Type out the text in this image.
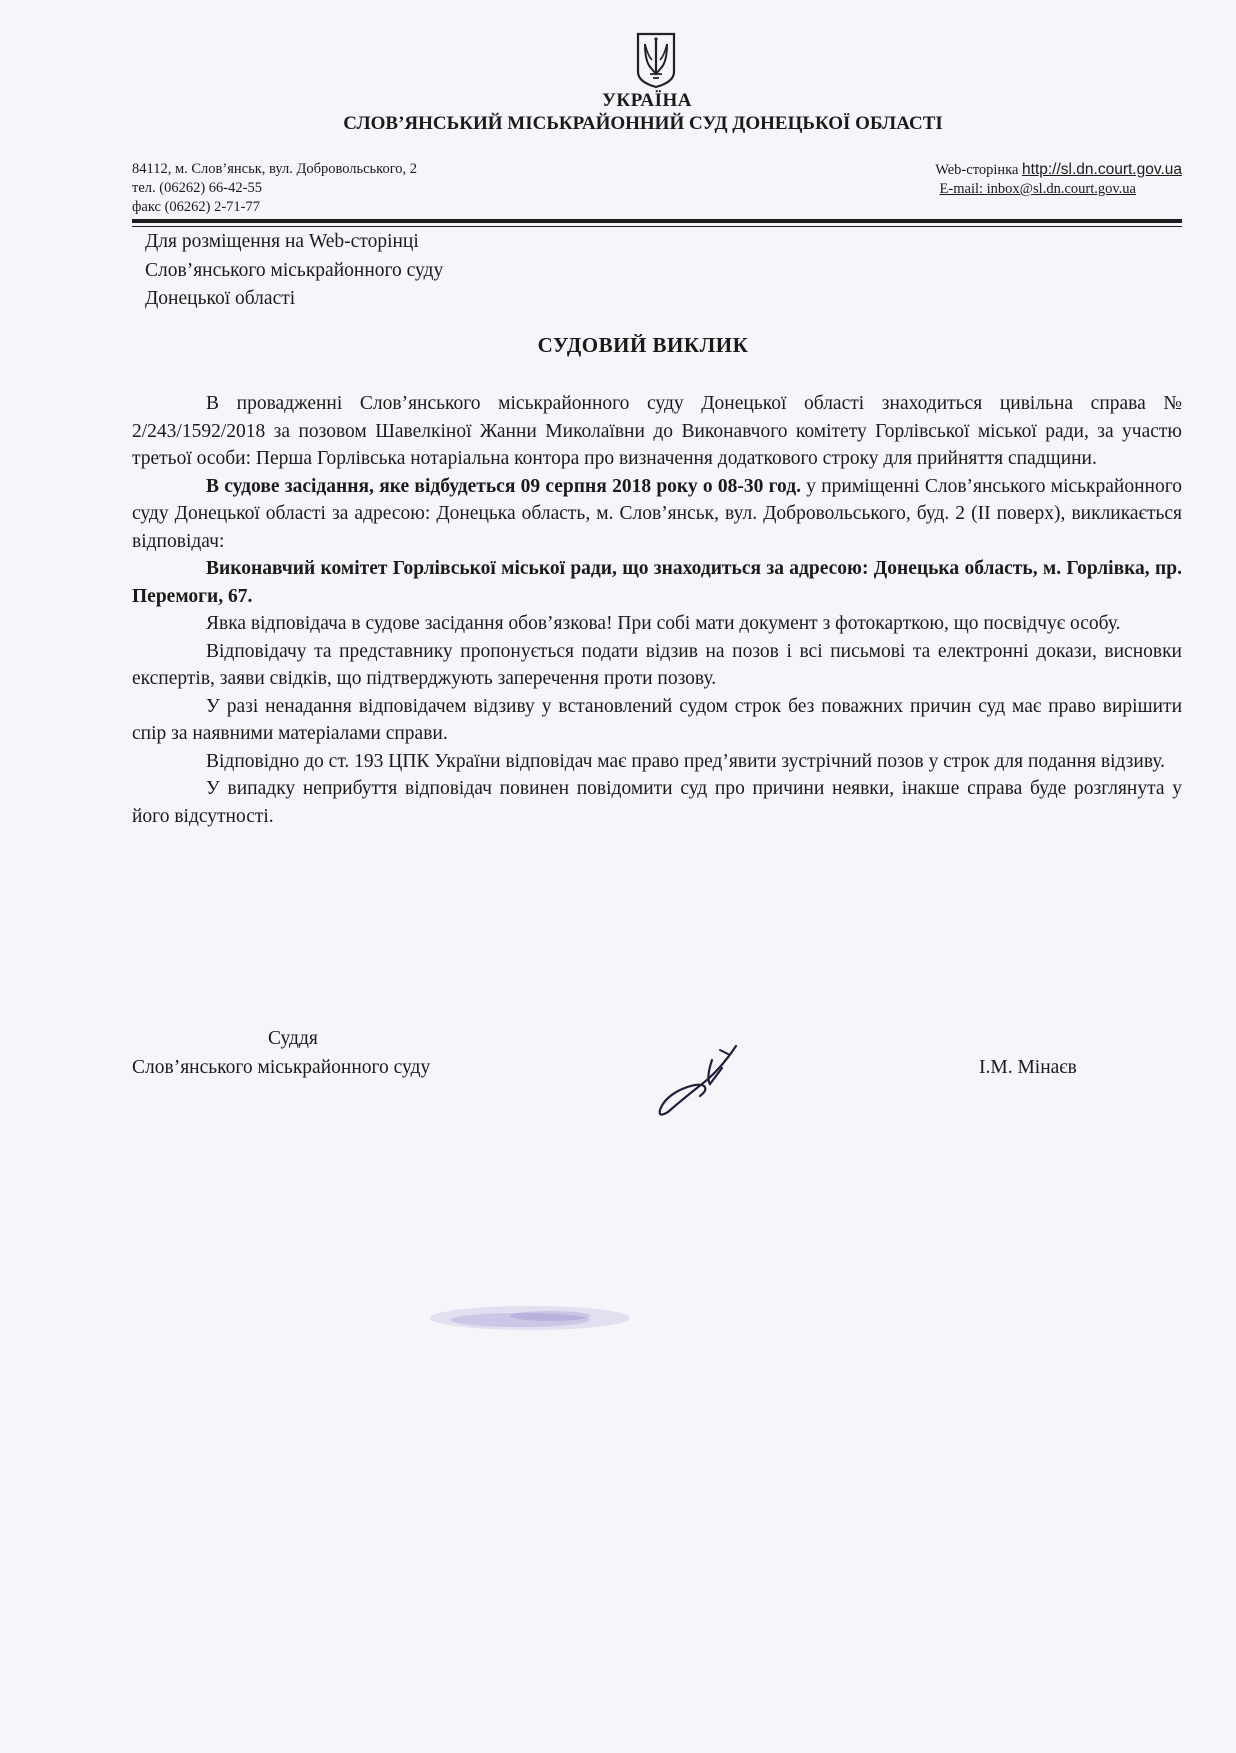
УКРАЇНА
СЛОВ’ЯНСЬКИЙ МІСЬКРАЙОННИЙ СУД ДОНЕЦЬКОЇ ОБЛАСТІ
84112, м. Слов’янськ, вул. Добровольського, 2
тел. (06262) 66-42-55
факс (06262) 2-71-77
Web-сторінка http://sl.dn.court.gov.ua
E-mail: inbox@sl.dn.court.gov.ua
Для розміщення на Web-сторінці
Слов’янського міськрайонного суду
Донецької області
СУДОВИЙ ВИКЛИК

В провадженні Слов’янського міськрайонного суду Донецької області знаходиться цивільна справа № 2/243/1592/2018 за позовом Шавелкіної Жанни Миколаївни до Виконавчого комітету Горлівської міської ради, за участю третьої особи: Перша Горлівська нотаріальна контора про визначення додаткового строку для прийняття спадщини.

В судове засідання, яке відбудеться 09 серпня 2018 року о 08-30 год. у приміщенні Слов’янського міськрайонного суду Донецької області за адресою: Донецька область, м. Слов’янськ, вул. Добровольського, буд. 2 (ІІ поверх), викликається відповідач:

Виконавчий комітет Горлівської міської ради, що знаходиться за адресою: Донецька область, м. Горлівка, пр. Перемоги, 67.

Явка відповідача в судове засідання обов’язкова! При собі мати документ з фотокарткою, що посвідчує особу.

Відповідачу та представнику пропонується подати відзив на позов і всі письмові та електронні докази, висновки експертів, заяви свідків, що підтверджують заперечення проти позову.

У разі ненадання відповідачем відзиву у встановлений судом строк без поважних причин суд має право вирішити спір за наявними матеріалами справи.

Відповідно до ст. 193 ЦПК України відповідач має право пред’явити зустрічний позов у строк для подання відзиву.

У випадку неприбуття відповідач повинен повідомити суд про причини неявки, інакше справа буде розглянута у його відсутності.

Суддя
Слов’янського міськрайонного суду	І.М. Мінаєв
